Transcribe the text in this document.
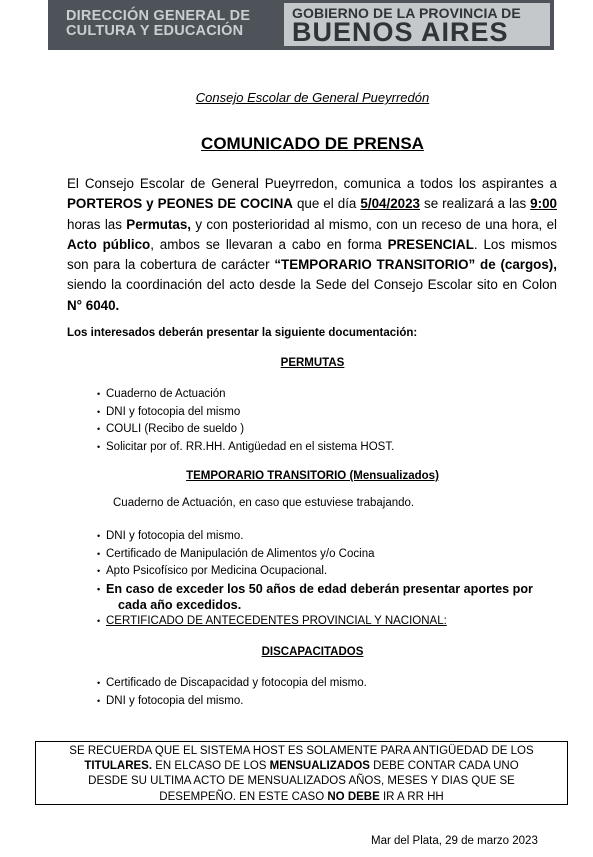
DIRECCIÓN GENERAL DE
CULTURA Y EDUCACIÓN
GOBIERNO DE LA PROVINCIA DE
BUENOS AIRES
Consejo Escolar de General Pueyrredón
COMUNICADO DE PRENSA
El Consejo Escolar de General Pueyrredon, comunica a todos los aspirantes a PORTEROS y PEONES DE COCINA que el día 5/04/2023 se realizará a las 9:00 horas las Permutas, y con posterioridad al mismo, con un receso de una hora, el Acto público, ambos se llevaran a cabo en forma PRESENCIAL. Los mismos son para la cobertura de carácter “TEMPORARIO TRANSITORIO” de (cargos), siendo la coordinación del acto desde la Sede del Consejo Escolar sito en Colon N° 6040.
Los interesados deberán presentar la siguiente documentación:
PERMUTAS
• Cuaderno de Actuación
• DNI y fotocopia del mismo
• COULI (Recibo de sueldo )
• Solicitar por of. RR.HH. Antigüedad en el sistema HOST.
TEMPORARIO TRANSITORIO (Mensualizados)
Cuaderno de Actuación, en caso que estuviese trabajando.
• DNI y fotocopia del mismo.
• Certificado de Manipulación de Alimentos y/o Cocina
• Apto Psicofísico por Medicina Ocupacional.
• En caso de exceder los 50 años de edad deberán presentar aportes por
cada año excedidos.
• CERTIFICADO DE ANTECEDENTES PROVINCIAL Y NACIONAL:
DISCAPACITADOS
• Certificado de Discapacidad y fotocopia del mismo.
• DNI y fotocopia del mismo.
SE RECUERDA QUE EL SISTEMA HOST ES SOLAMENTE PARA ANTIGÜEDAD DE LOS
TITULARES. EN ELCASO DE LOS MENSUALIZADOS DEBE CONTAR CADA UNO
DESDE SU ULTIMA ACTO DE MENSUALIZADOS AÑOS, MESES Y DIAS QUE SE
DESEMPEÑO. EN ESTE CASO NO DEBE IR A RR HH
Mar del Plata, 29 de marzo 2023
